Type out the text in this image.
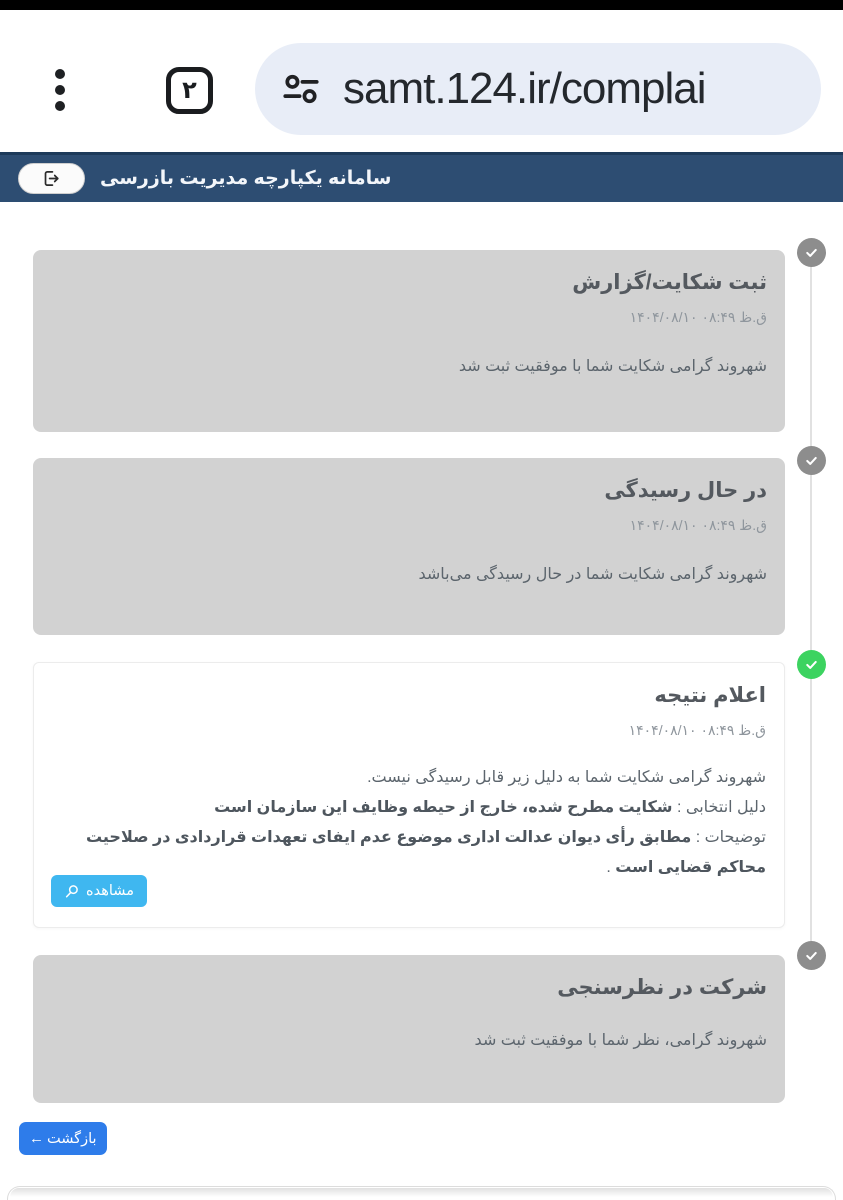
۲	samt.124.ir/complai
سامانه یکپارچه مدیریت بازرسی
ثبت شکایت/گزارش
ق.ظ ۰۸:۴۹ ۱۴۰۴/۰۸/۱۰
شهروند گرامی شکایت شما با موفقیت ثبت شد
در حال رسیدگی
ق.ظ ۰۸:۴۹ ۱۴۰۴/۰۸/۱۰
شهروند گرامی شکایت شما در حال رسیدگی می‌باشد
اعلام نتیجه
ق.ظ ۰۸:۴۹ ۱۴۰۴/۰۸/۱۰
شهروند گرامی شکایت شما به دلیل زیر قابل رسیدگی نیست.
دلیل انتخابی : شکایت مطرح شده، خارج از حیطه وظایف این سازمان است
توضیحات : مطابق رأی دیوان عدالت اداری موضوع عدم ایفای تعهدات قراردادی در صلاحیت محاکم قضایی است .
مشاهده
شرکت در نظرسنجی
شهروند گرامی، نظر شما با موفقیت ثبت شد
بازگشت
←
